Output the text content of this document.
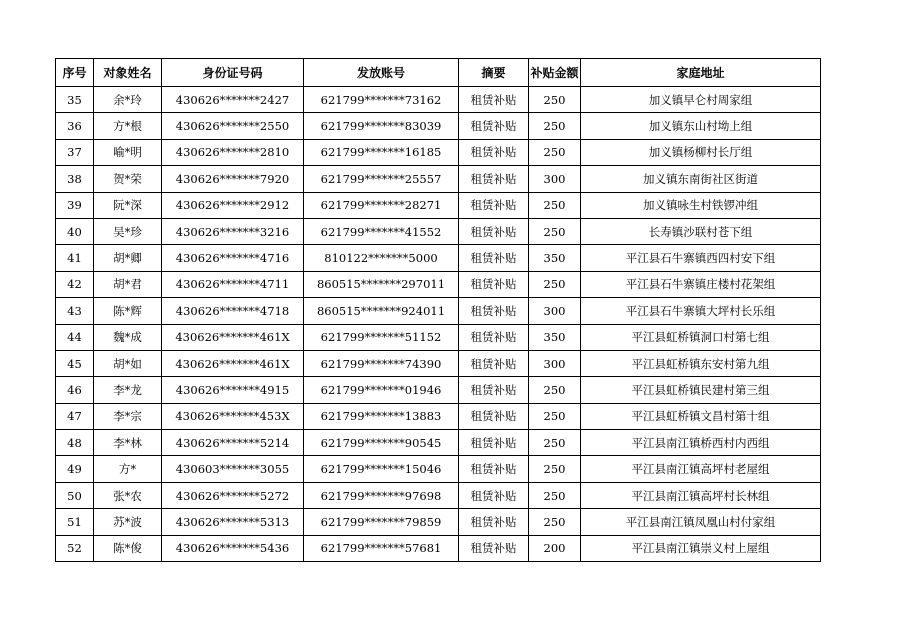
序号	对象姓名	身份证号码	发放账号	摘要	补贴金额	家庭地址
35	余*玲	430626*******2427	621799*******73162	租赁补贴	250	加义镇早仑村周家组
36	方*根	430626*******2550	621799*******83039	租赁补贴	250	加义镇东山村坳上组
37	喻*明	430626*******2810	621799*******16185	租赁补贴	250	加义镇杨柳村长厅组
38	贺*荣	430626*******7920	621799*******25557	租赁补贴	300	加义镇东南街社区街道
39	阮*深	430626*******2912	621799*******28271	租赁补贴	250	加义镇咏生村铁锣冲组
40	吴*珍	430626*******3216	621799*******41552	租赁补贴	250	长寿镇沙联村苍下组
41	胡*卿	430626*******4716	810122*******5000	租赁补贴	350	平江县石牛寨镇西四村安下组
42	胡*君	430626*******4711	860515*******297011	租赁补贴	250	平江县石牛寨镇庄楼村花架组
43	陈*辉	430626*******4718	860515*******924011	租赁补贴	300	平江县石牛寨镇大坪村长乐组
44	魏*成	430626*******461X	621799*******51152	租赁补贴	350	平江县虹桥镇洞口村第七组
45	胡*如	430626*******461X	621799*******74390	租赁补贴	300	平江县虹桥镇东安村第九组
46	李*龙	430626*******4915	621799*******01946	租赁补贴	250	平江县虹桥镇民建村第三组
47	李*宗	430626*******453X	621799*******13883	租赁补贴	250	平江县虹桥镇文昌村第十组
48	李*林	430626*******5214	621799*******90545	租赁补贴	250	平江县南江镇桥西村内西组
49	方*	430603*******3055	621799*******15046	租赁补贴	250	平江县南江镇高坪村老屋组
50	张*农	430626*******5272	621799*******97698	租赁补贴	250	平江县南江镇高坪村长林组
51	苏*波	430626*******5313	621799*******79859	租赁补贴	250	平江县南江镇凤凰山村付家组
52	陈*俊	430626*******5436	621799*******57681	租赁补贴	200	平江县南江镇崇义村上屋组
